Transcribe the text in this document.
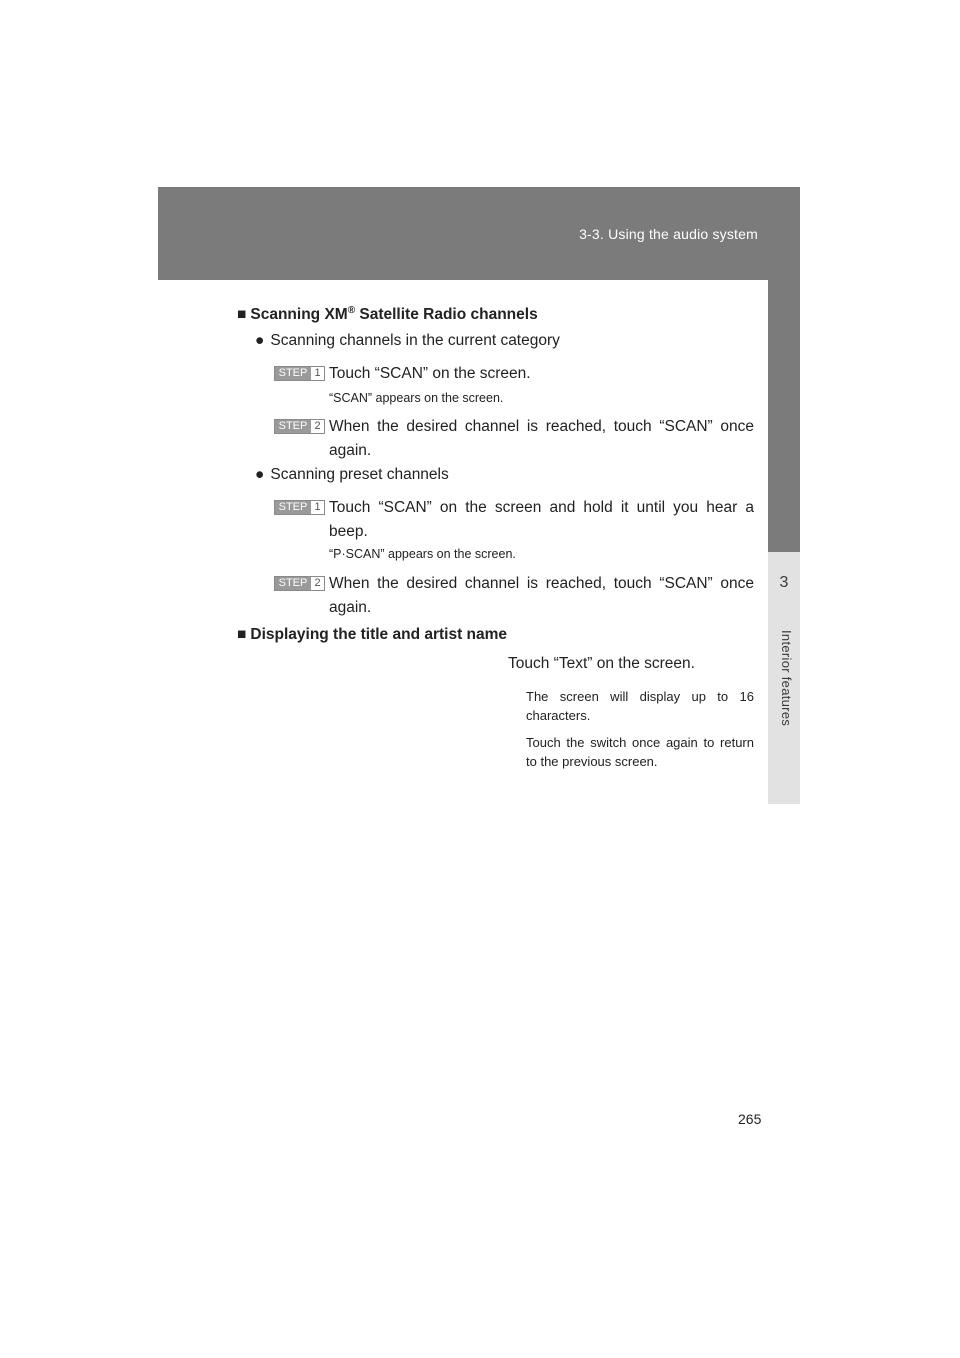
3-3. Using the audio system
3
Interior features
■ Scanning XM® Satellite Radio channels
● Scanning channels in the current category
STEP 1 Touch “SCAN” on the screen.
“SCAN” appears on the screen.
STEP 2 When the desired channel is reached, touch “SCAN” once again.
● Scanning preset channels
STEP 1 Touch “SCAN” on the screen and hold it until you hear a beep.
“P·SCAN” appears on the screen.
STEP 2 When the desired channel is reached, touch “SCAN” once again.
■ Displaying the title and artist name
Touch “Text” on the screen.
The screen will display up to 16 characters.
Touch the switch once again to return to the previous screen.
265
